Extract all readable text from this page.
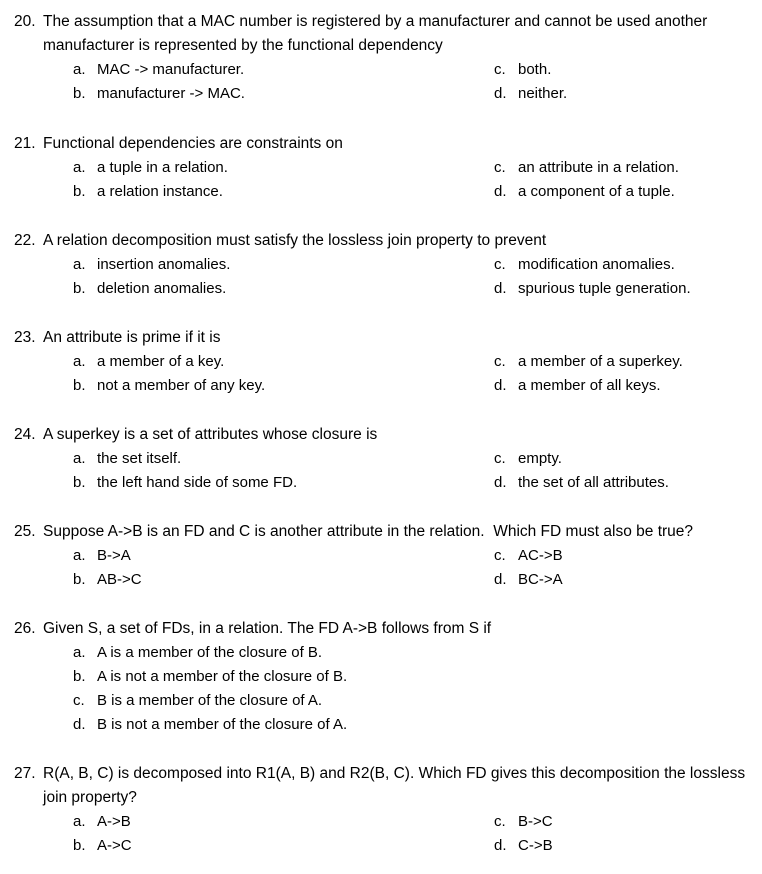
20. The assumption that a MAC number is registered by a manufacturer and cannot be used another manufacturer is represented by the functional dependency
a. MAC -> manufacturer.
b. manufacturer -> MAC.
c. both.
d. neither.
21. Functional dependencies are constraints on
a. a tuple in a relation.
b. a relation instance.
c. an attribute in a relation.
d. a component of a tuple.
22. A relation decomposition must satisfy the lossless join property to prevent
a. insertion anomalies.
b. deletion anomalies.
c. modification anomalies.
d. spurious tuple generation.
23. An attribute is prime if it is
a. a member of a key.
b. not a member of any key.
c. a member of a superkey.
d. a member of all keys.
24. A superkey is a set of attributes whose closure is
a. the set itself.
b. the left hand side of some FD.
c. empty.
d. the set of all attributes.
25. Suppose A->B is an FD and C is another attribute in the relation.  Which FD must also be true?
a. B->A
b. AB->C
c. AC->B
d. BC->A
26. Given S, a set of FDs, in a relation. The FD A->B follows from S if
a. A is a member of the closure of B.
b. A is not a member of the closure of B.
c. B is a member of the closure of A.
d. B is not a member of the closure of A.
27. R(A, B, C) is decomposed into R1(A, B) and R2(B, C). Which FD gives this decomposition the lossless join property?
a. A->B
b. A->C
c. B->C
d. C->B
